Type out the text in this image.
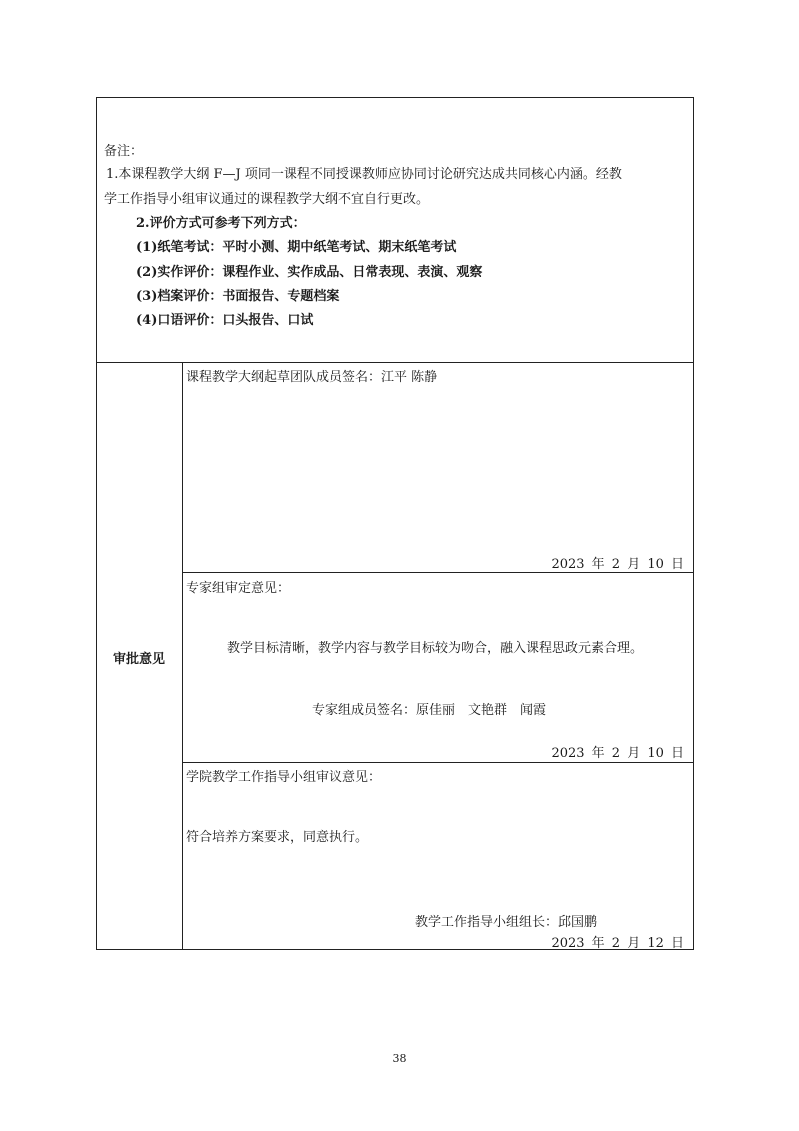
备注：
1.本课程教学大纲 F—J 项同一课程不同授课教师应协同讨论研究达成共同核心内涵。经教
学工作指导小组审议通过的课程教学大纲不宜自行更改。
2.评价方式可参考下列方式：
(1)纸笔考试：平时小测、期中纸笔考试、期末纸笔考试
(2)实作评价：课程作业、实作成品、日常表现、表演、观察
(3)档案评价：书面报告、专题档案
(4)口语评价：口头报告、口试
审批意见
课程教学大纲起草团队成员签名：江平 陈静
2023 年 2 月 10 日
专家组审定意见：
教学目标清晰，教学内容与教学目标较为吻合，融入课程思政元素合理。
专家组成员签名：原佳丽　文艳群　闻霞
2023 年 2 月 10 日
学院教学工作指导小组审议意见：
符合培养方案要求，同意执行。
教学工作指导小组组长：邱国鹏
2023 年 2 月 12 日
38
